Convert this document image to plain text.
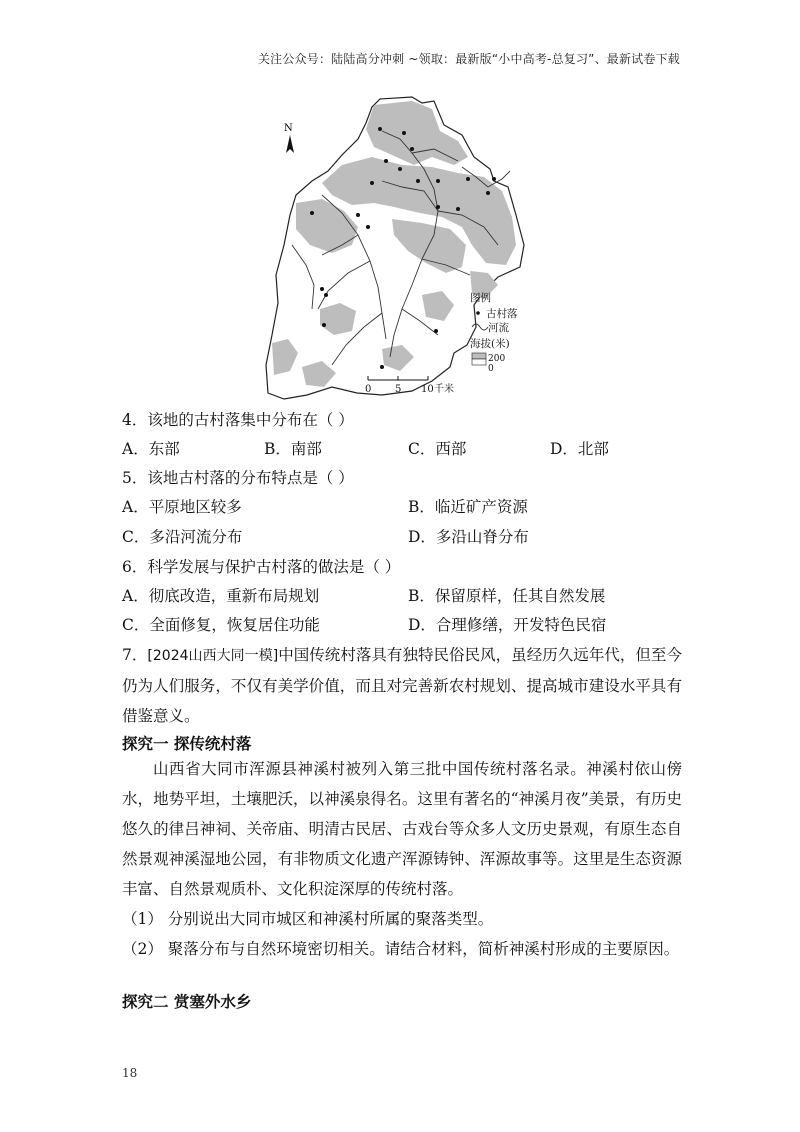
关注公众号：陆陆高分冲刺 ~领取：最新版“小中高考-总复习”、最新试卷下载
N
图例
古村落
河流
海拔(米)
200
0
0 5 10 千米
4．该地的古村落集中分布在（ ）
A．东部	B．南部	C．西部	D．北部
5．该地古村落的分布特点是（ ）
A．平原地区较多	B．临近矿产资源
C．多沿河流分布	D．多沿山脊分布
6．科学发展与保护古村落的做法是（ ）
A．彻底改造，重新布局规划	B．保留原样，任其自然发展
C．全面修复，恢复居住功能	D．合理修缮，开发特色民宿
7．[2024山西大同一模]中国传统村落具有独特民俗民风，虽经历久远年代，但至今仍为人们服务，不仅有美学价值，而且对完善新农村规划、提高城市建设水平具有借鉴意义。
探究一 探传统村落
山西省大同市浑源县神溪村被列入第三批中国传统村落名录。神溪村依山傍水，地势平坦，土壤肥沃，以神溪泉得名。这里有著名的“神溪月夜”美景，有历史悠久的律吕神祠、关帝庙、明清古民居、古戏台等众多人文历史景观，有原生态自然景观神溪湿地公园，有非物质文化遗产浑源铸钟、浑源故事等。这里是生态资源丰富、自然景观质朴、文化积淀深厚的传统村落。
（1） 分别说出大同市城区和神溪村所属的聚落类型。
（2） 聚落分布与自然环境密切相关。请结合材料，简析神溪村形成的主要原因。
探究二 赏塞外水乡
18
